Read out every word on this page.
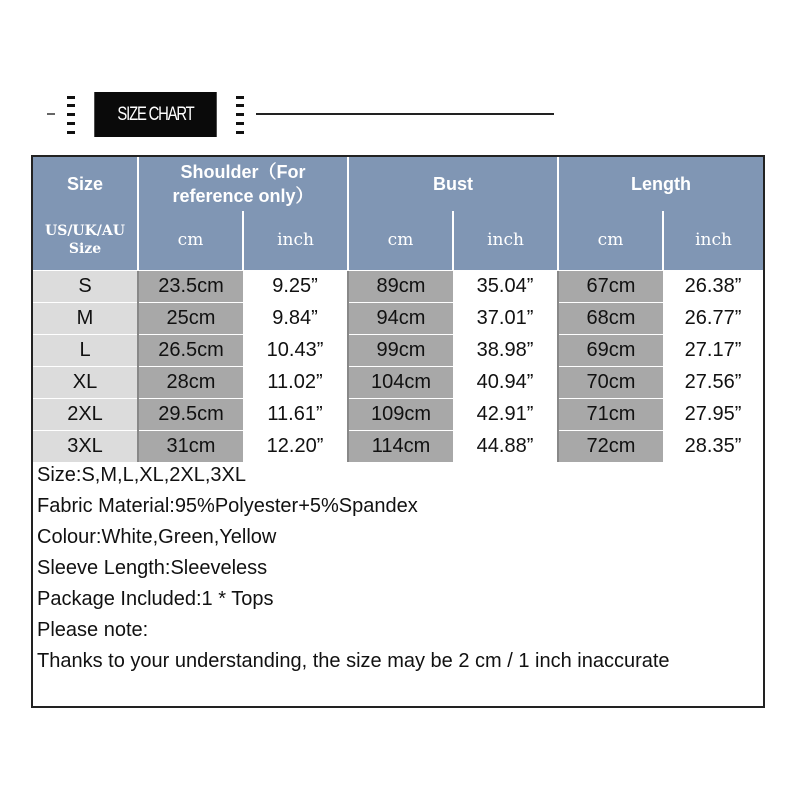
SIZE CHART
Size	Shoulder（For reference only）		Bust		Length	
US/UK/AU Size	cm	inch	cm	inch	cm	inch
S	23.5cm	9.25”	89cm	35.04”	67cm	26.38”
M	25cm	9.84”	94cm	37.01”	68cm	26.77”
L	26.5cm	10.43”	99cm	38.98”	69cm	27.17”
XL	28cm	11.02”	104cm	40.94”	70cm	27.56”
2XL	29.5cm	11.61”	109cm	42.91”	71cm	27.95”
3XL	31cm	12.20”	114cm	44.88”	72cm	28.35”
Size:S,M,L,XL,2XL,3XL
Fabric Material:95%Polyester+5%Spandex
Colour:White,Green,Yellow
Sleeve Length:Sleeveless
Package Included:1 * Tops
Please note:
Thanks to your understanding, the size may be 2 cm / 1 inch inaccurate
